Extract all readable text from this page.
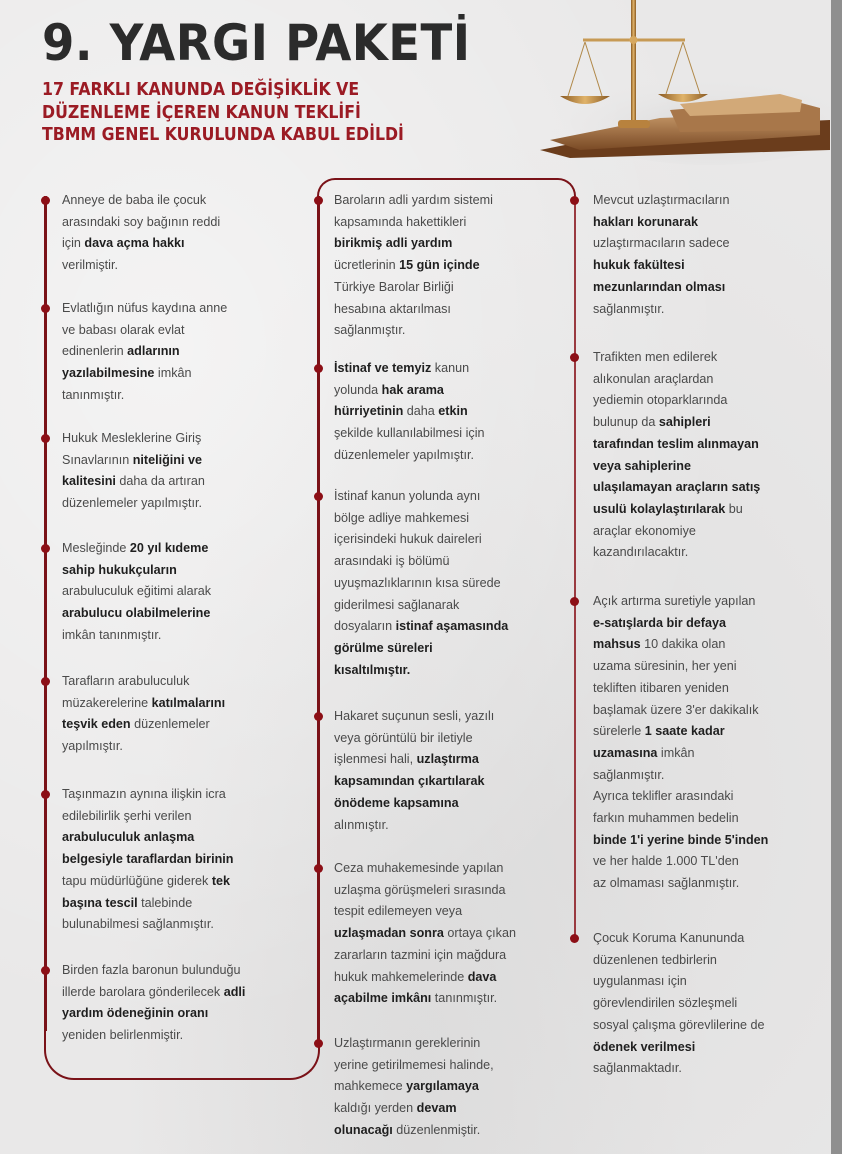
9. YARGI PAKETİ
17 FARKLI KANUNDA DEĞİŞİKLİK VE
DÜZENLEME İÇEREN KANUN TEKLİFİ
TBMM GENEL KURULUNDA KABUL EDİLDİ
Anneye de baba ile çocuk
arasındaki soy bağının reddi
için dava açma hakkı
verilmiştir.
Evlatlığın nüfus kaydına anne
ve babası olarak evlat
edinenlerin adlarının
yazılabilmesine imkân
tanınmıştır.
Hukuk Mesleklerine Giriş
Sınavlarının niteliğini ve
kalitesini daha da artıran
düzenlemeler yapılmıştır.
Mesleğinde 20 yıl kıdeme
sahip hukukçuların
arabuluculuk eğitimi alarak
arabulucu olabilmelerine
imkân tanınmıştır.
Tarafların arabuluculuk
müzakerelerine katılmalarını
teşvik eden düzenlemeler
yapılmıştır.
Taşınmazın aynına ilişkin icra
edilebilirlik şerhi verilen
arabuluculuk anlaşma
belgesiyle taraflardan birinin
tapu müdürlüğüne giderek tek
başına tescil talebinde
bulunabilmesi sağlanmıştır.
Birden fazla baronun bulunduğu
illerde barolara gönderilecek adli
yardım ödeneğinin oranı
yeniden belirlenmiştir.
Baroların adli yardım sistemi
kapsamında hakettikleri
birikmiş adli yardım
ücretlerinin 15 gün içinde
Türkiye Barolar Birliği
hesabına aktarılması
sağlanmıştır.
İstinaf ve temyiz kanun
yolunda hak arama
hürriyetinin daha etkin
şekilde kullanılabilmesi için
düzenlemeler yapılmıştır.
İstinaf kanun yolunda aynı
bölge adliye mahkemesi
içerisindeki hukuk daireleri
arasındaki iş bölümü
uyuşmazlıklarının kısa sürede
giderilmesi sağlanarak
dosyaların istinaf aşamasında
görülme süreleri
kısaltılmıştır.
Hakaret suçunun sesli, yazılı
veya görüntülü bir iletiyle
işlenmesi hali, uzlaştırma
kapsamından çıkartılarak
önödeme kapsamına
alınmıştır.
Ceza muhakemesinde yapılan
uzlaşma görüşmeleri sırasında
tespit edilemeyen veya
uzlaşmadan sonra ortaya çıkan
zararların tazmini için mağdura
hukuk mahkemelerinde dava
açabilme imkânı tanınmıştır.
Uzlaştırmanın gereklerinin
yerine getirilmemesi halinde,
mahkemece yargılamaya
kaldığı yerden devam
olunacağı düzenlenmiştir.
Mevcut uzlaştırmacıların
hakları korunarak
uzlaştırmacıların sadece
hukuk fakültesi
mezunlarından olması
sağlanmıştır.
Trafikten men edilerek
alıkonulan araçlardan
yediemin otoparklarında
bulunup da sahipleri
tarafından teslim alınmayan
veya sahiplerine
ulaşılamayan araçların satış
usulü kolaylaştırılarak bu
araçlar ekonomiye
kazandırılacaktır.
Açık artırma suretiyle yapılan
e-satışlarda bir defaya
mahsus 10 dakika olan
uzama süresinin, her yeni
tekliften itibaren yeniden
başlamak üzere 3'er dakikalık
sürelerle 1 saate kadar
uzamasına imkân
sağlanmıştır.
Ayrıca teklifler arasındaki
farkın muhammen bedelin
binde 1'i yerine binde 5'inden
ve her halde 1.000 TL'den
az olmaması sağlanmıştır.
Çocuk Koruma Kanununda
düzenlenen tedbirlerin
uygulanması için
görevlendirilen sözleşmeli
sosyal çalışma görevlilerine de
ödenek verilmesi
sağlanmaktadır.
